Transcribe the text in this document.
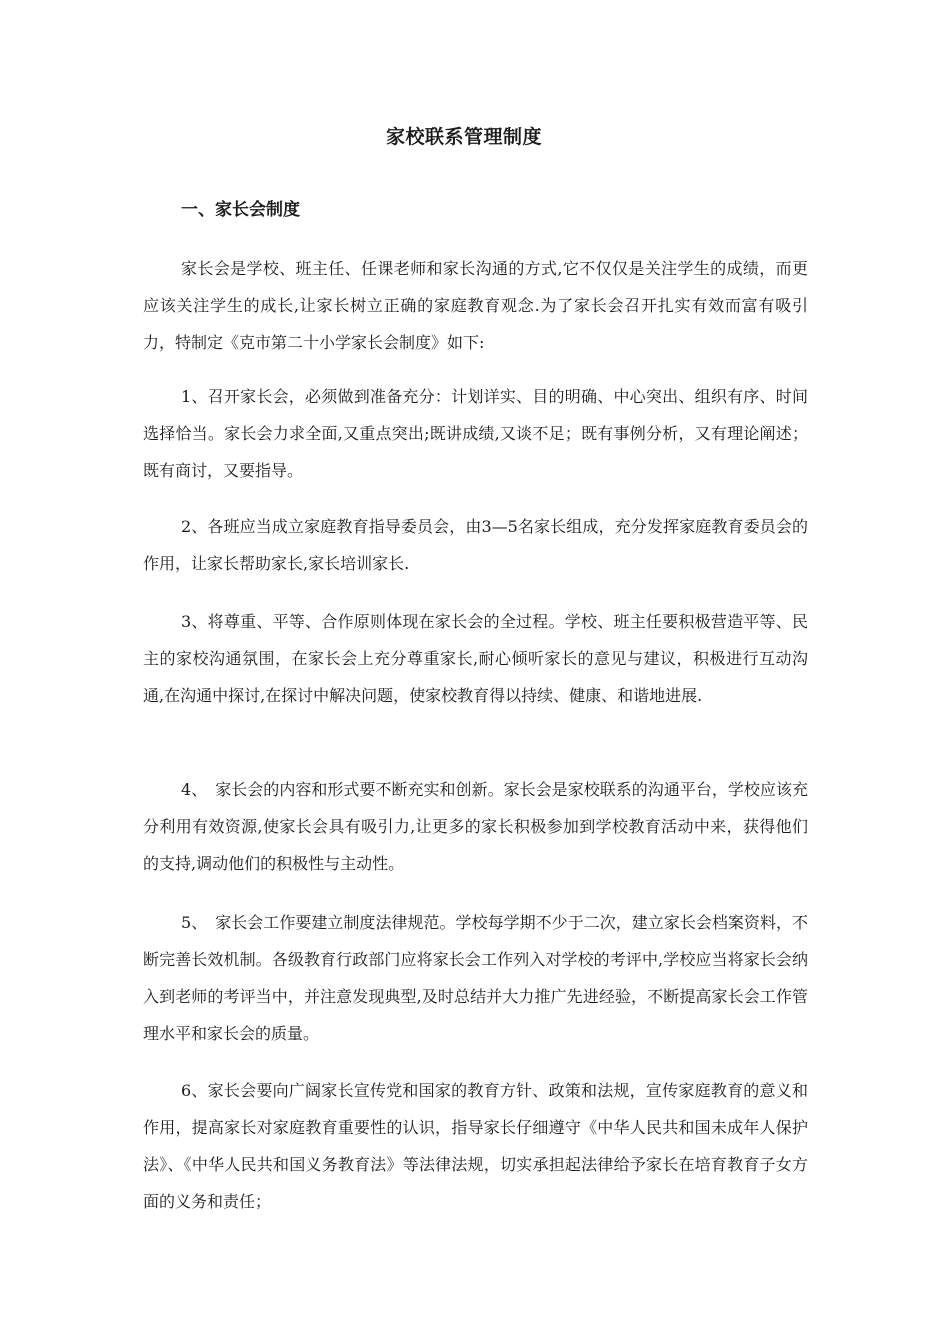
家校联系管理制度
一、家长会制度

家长会是学校、班主任、任课老师和家长沟通的方式,它不仅仅是关注学生的成绩，而更应该关注学生的成长,让家长树立正确的家庭教育观念.为了家长会召开扎实有效而富有吸引力，特制定《克市第二十小学家长会制度》如下:

1、召开家长会，必须做到准备充分：计划详实、目的明确、中心突出、组织有序、时间选择恰当。家长会力求全面,又重点突出;既讲成绩,又谈不足；既有事例分析，又有理论阐述；既有商讨，又要指导。

2、各班应当成立家庭教育指导委员会，由3—5名家长组成，充分发挥家庭教育委员会的作用，让家长帮助家长,家长培训家长.

3、将尊重、平等、合作原则体现在家长会的全过程。学校、班主任要积极营造平等、民主的家校沟通氛围，在家长会上充分尊重家长,耐心倾听家长的意见与建议，积极进行互动沟通,在沟通中探讨,在探讨中解决问题，使家校教育得以持续、健康、和谐地进展.

4、　家长会的内容和形式要不断充实和创新。家长会是家校联系的沟通平台，学校应该充分利用有效资源,使家长会具有吸引力,让更多的家长积极参加到学校教育活动中来，获得他们的支持,调动他们的积极性与主动性。

5、　家长会工作要建立制度法律规范。学校每学期不少于二次，建立家长会档案资料，不断完善长效机制。各级教育行政部门应将家长会工作列入对学校的考评中,学校应当将家长会纳入到老师的考评当中，并注意发现典型,及时总结并大力推广先进经验，不断提高家长会工作管理水平和家长会的质量。

6、家长会要向广阔家长宣传党和国家的教育方针、政策和法规，宣传家庭教育的意义和作用，提高家长对家庭教育重要性的认识，指导家长仔细遵守《中华人民共和国未成年人保护法》、《中华人民共和国义务教育法》等法律法规，切实承担起法律给予家长在培育教育子女方面的义务和责任；
